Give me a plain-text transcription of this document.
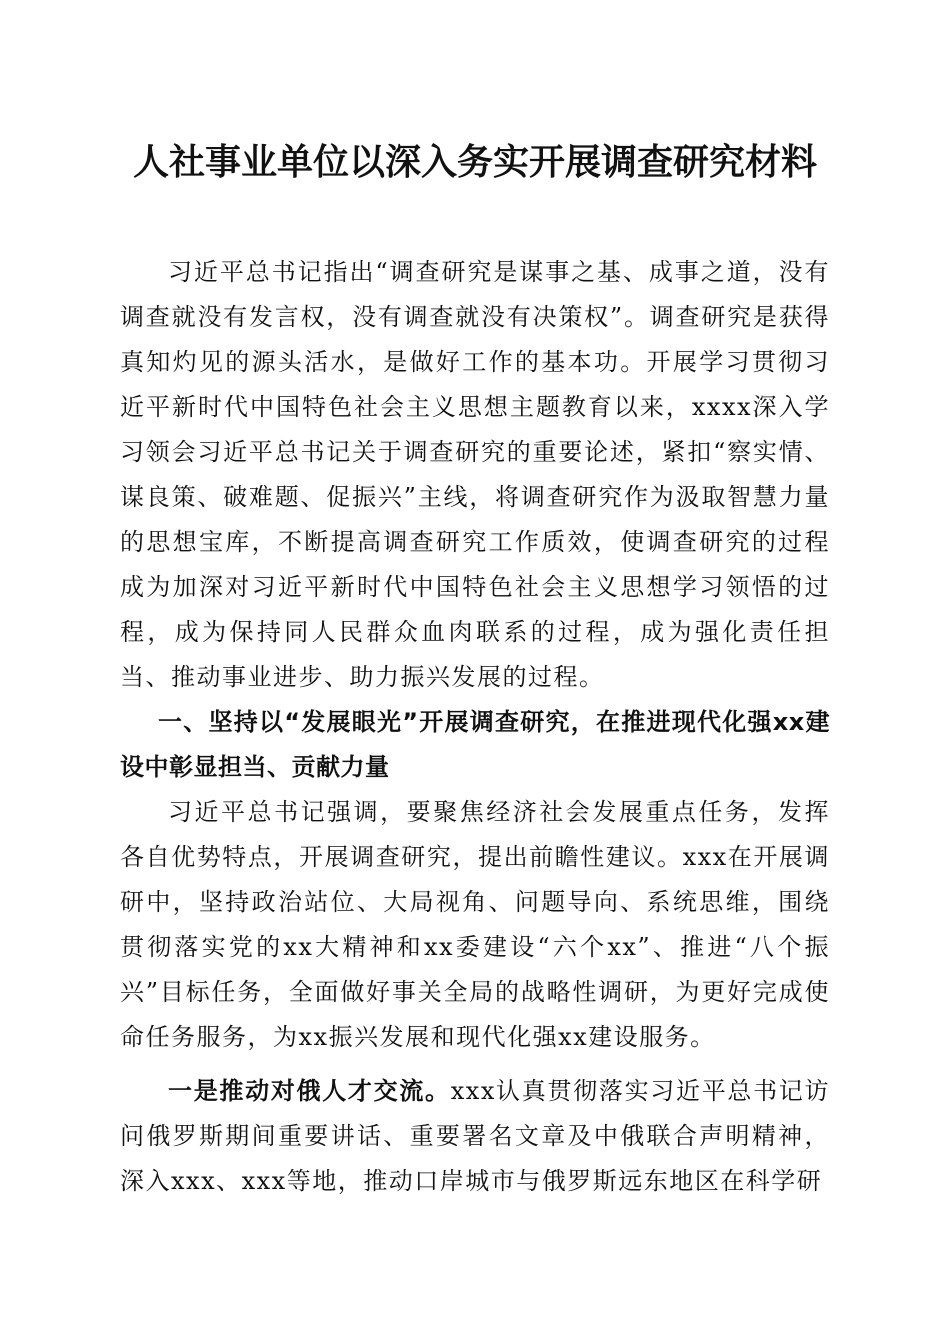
人社事业单位以深入务实开展调查研究材料

习近平总书记指出“调查研究是谋事之基、成事之道，没有调查就没有发言权，没有调查就没有决策权”。调查研究是获得真知灼见的源头活水，是做好工作的基本功。开展学习贯彻习近平新时代中国特色社会主义思想主题教育以来，xxxx深入学习领会习近平总书记关于调查研究的重要论述，紧扣“察实情、谋良策、破难题、促振兴”主线，将调查研究作为汲取智慧力量的思想宝库，不断提高调查研究工作质效，使调查研究的过程成为加深对习近平新时代中国特色社会主义思想学习领悟的过程，成为保持同人民群众血肉联系的过程，成为强化责任担当、推动事业进步、助力振兴发展的过程。

一、坚持以“发展眼光”开展调查研究，在推进现代化强xx建设中彰显担当、贡献力量

习近平总书记强调，要聚焦经济社会发展重点任务，发挥各自优势特点，开展调查研究，提出前瞻性建议。xxx在开展调研中，坚持政治站位、大局视角、问题导向、系统思维，围绕贯彻落实党的xx大精神和xx委建设“六个xx”、推进“八个振兴”目标任务，全面做好事关全局的战略性调研，为更好完成使命任务服务，为xx振兴发展和现代化强xx建设服务。

一是推动对俄人才交流。xxx认真贯彻落实习近平总书记访问俄罗斯期间重要讲话、重要署名文章及中俄联合声明精神，深入xxx、xxx等地，推动口岸城市与俄罗斯远东地区在科学研
